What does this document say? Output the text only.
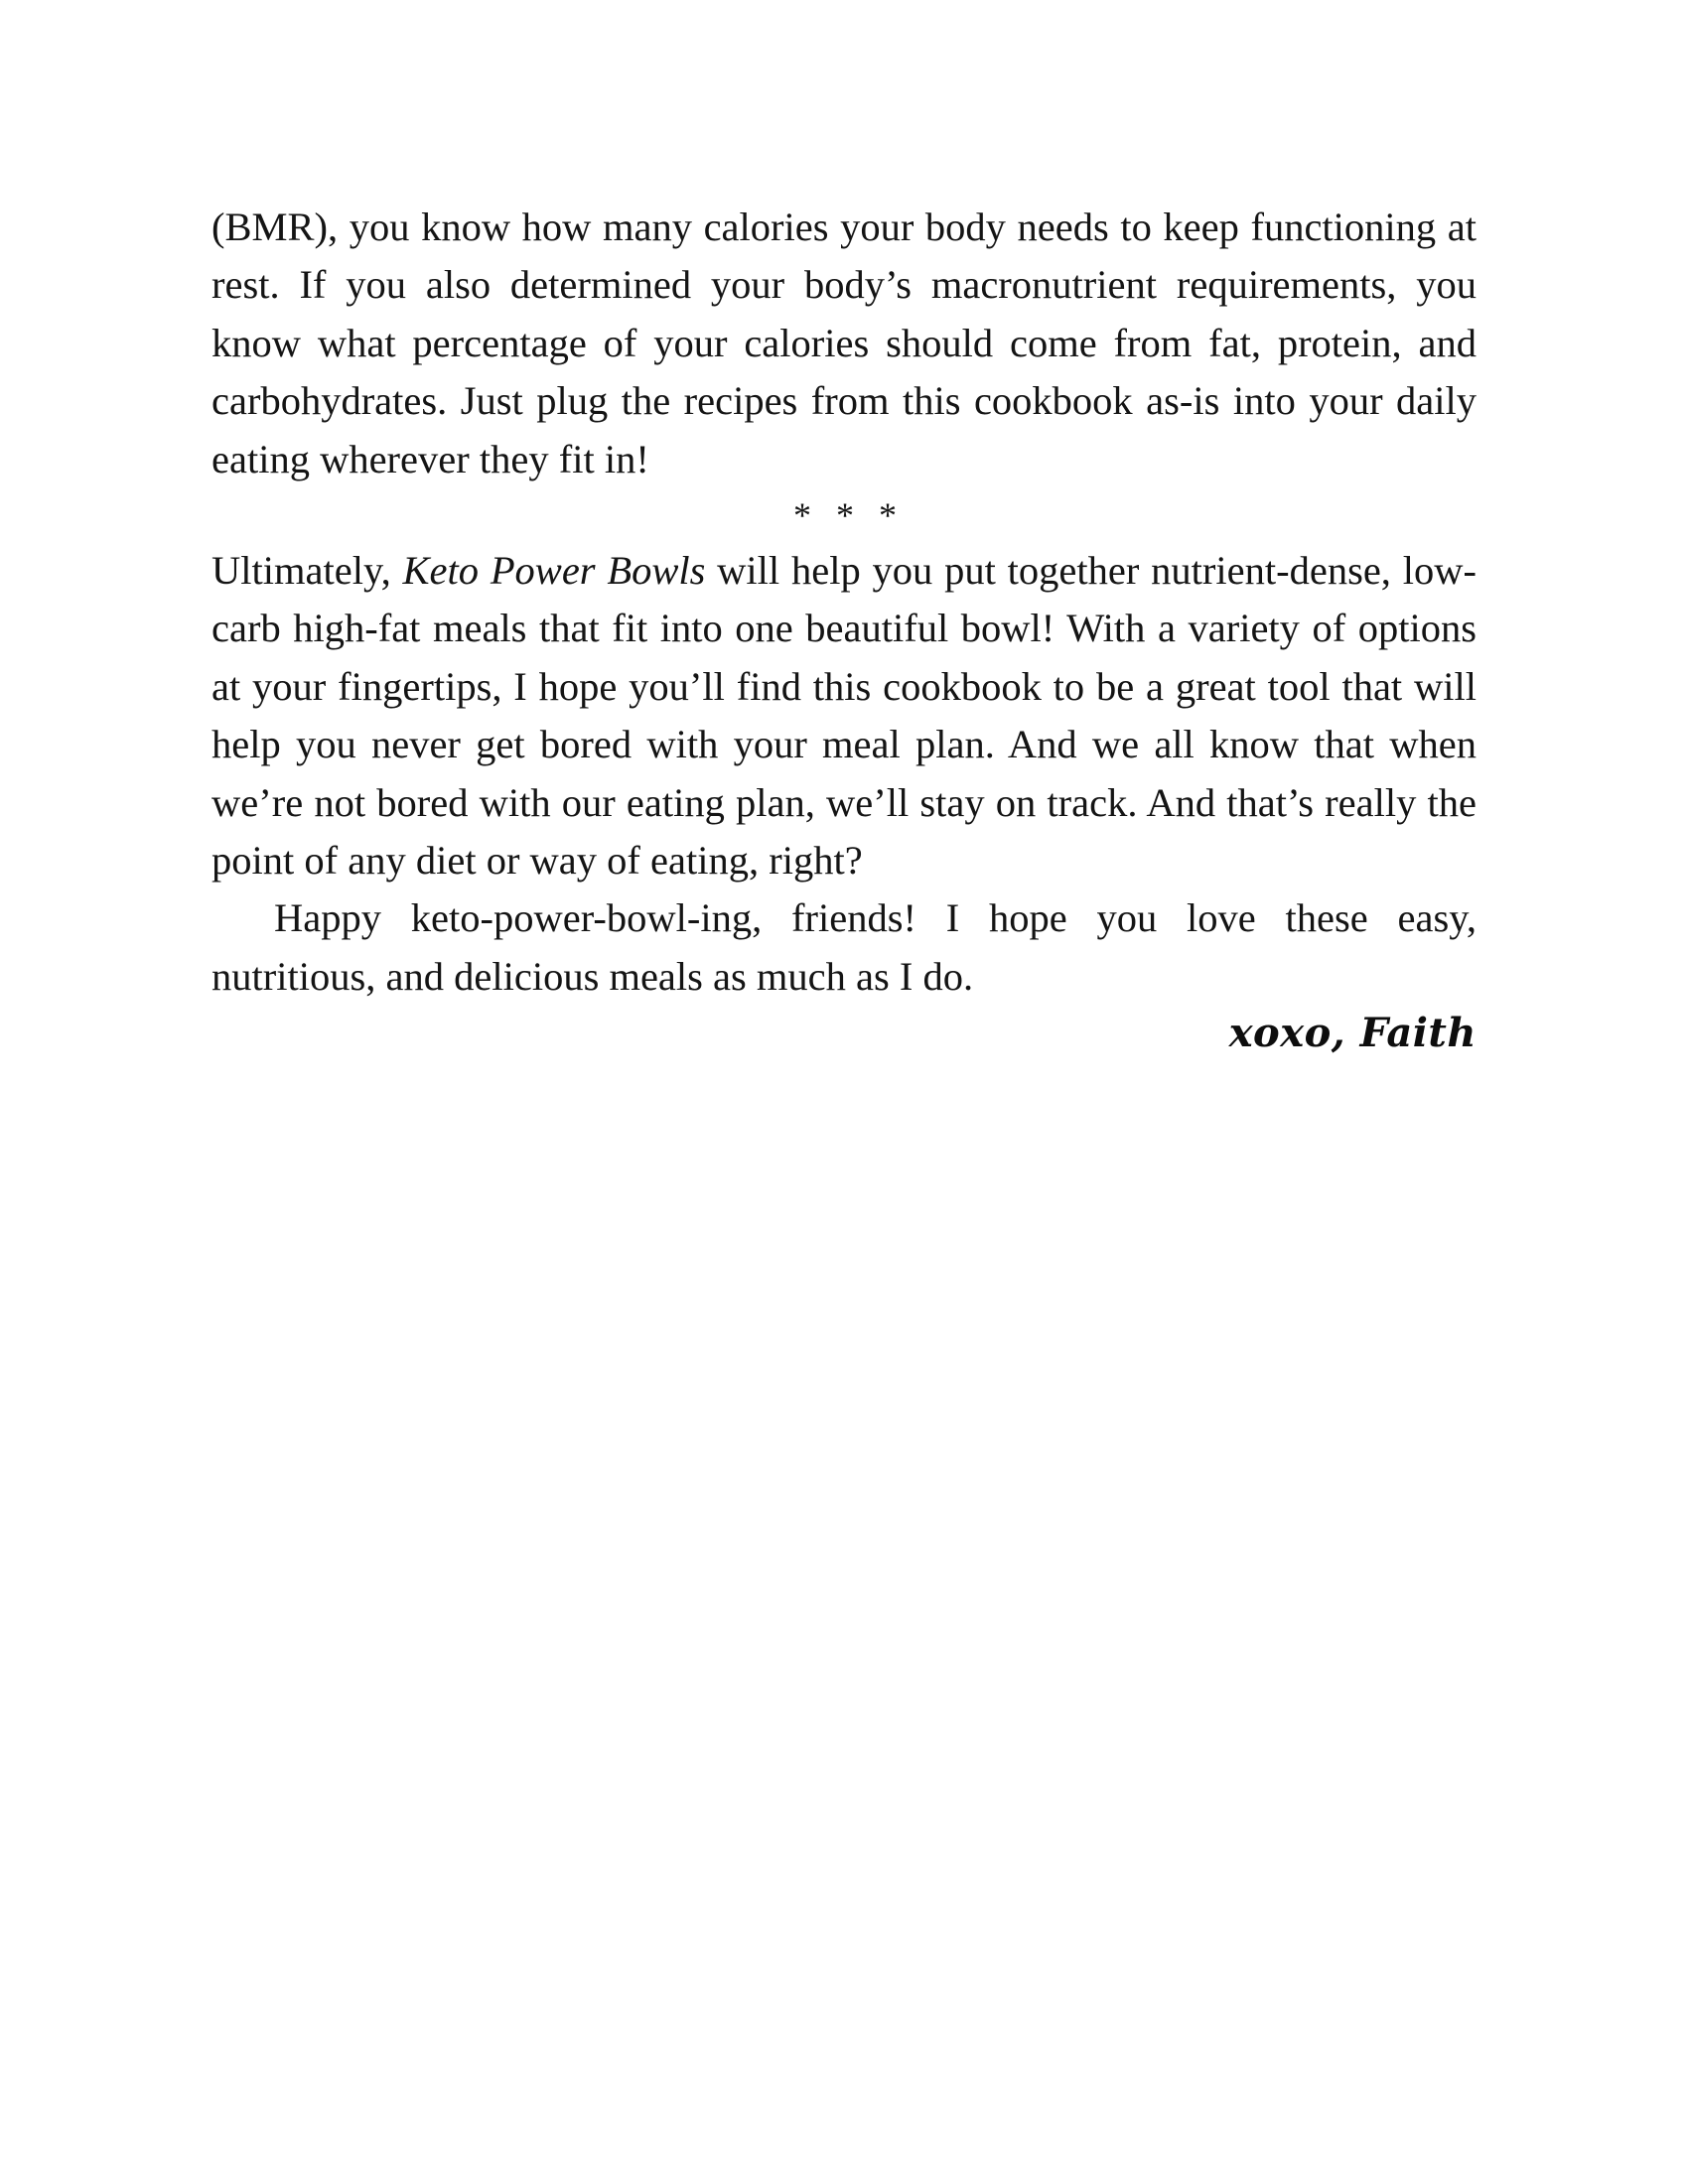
(BMR), you know how many calories your body needs to keep functioning at rest. If you also determined your body’s macronutrient requirements, you know what percentage of your calories should come from fat, protein, and carbohydrates. Just plug the recipes from this cookbook as-is into your daily eating wherever they fit in!

* * *

Ultimately, Keto Power Bowls will help you put together nutrient-dense, low-carb high-fat meals that fit into one beautiful bowl! With a variety of options at your fingertips, I hope you’ll find this cookbook to be a great tool that will help you never get bored with your meal plan. And we all know that when we’re not bored with our eating plan, we’ll stay on track. And that’s really the point of any diet or way of eating, right?

Happy keto-power-bowl-ing, friends! I hope you love these easy, nutritious, and delicious meals as much as I do.

xoxo, Faith
